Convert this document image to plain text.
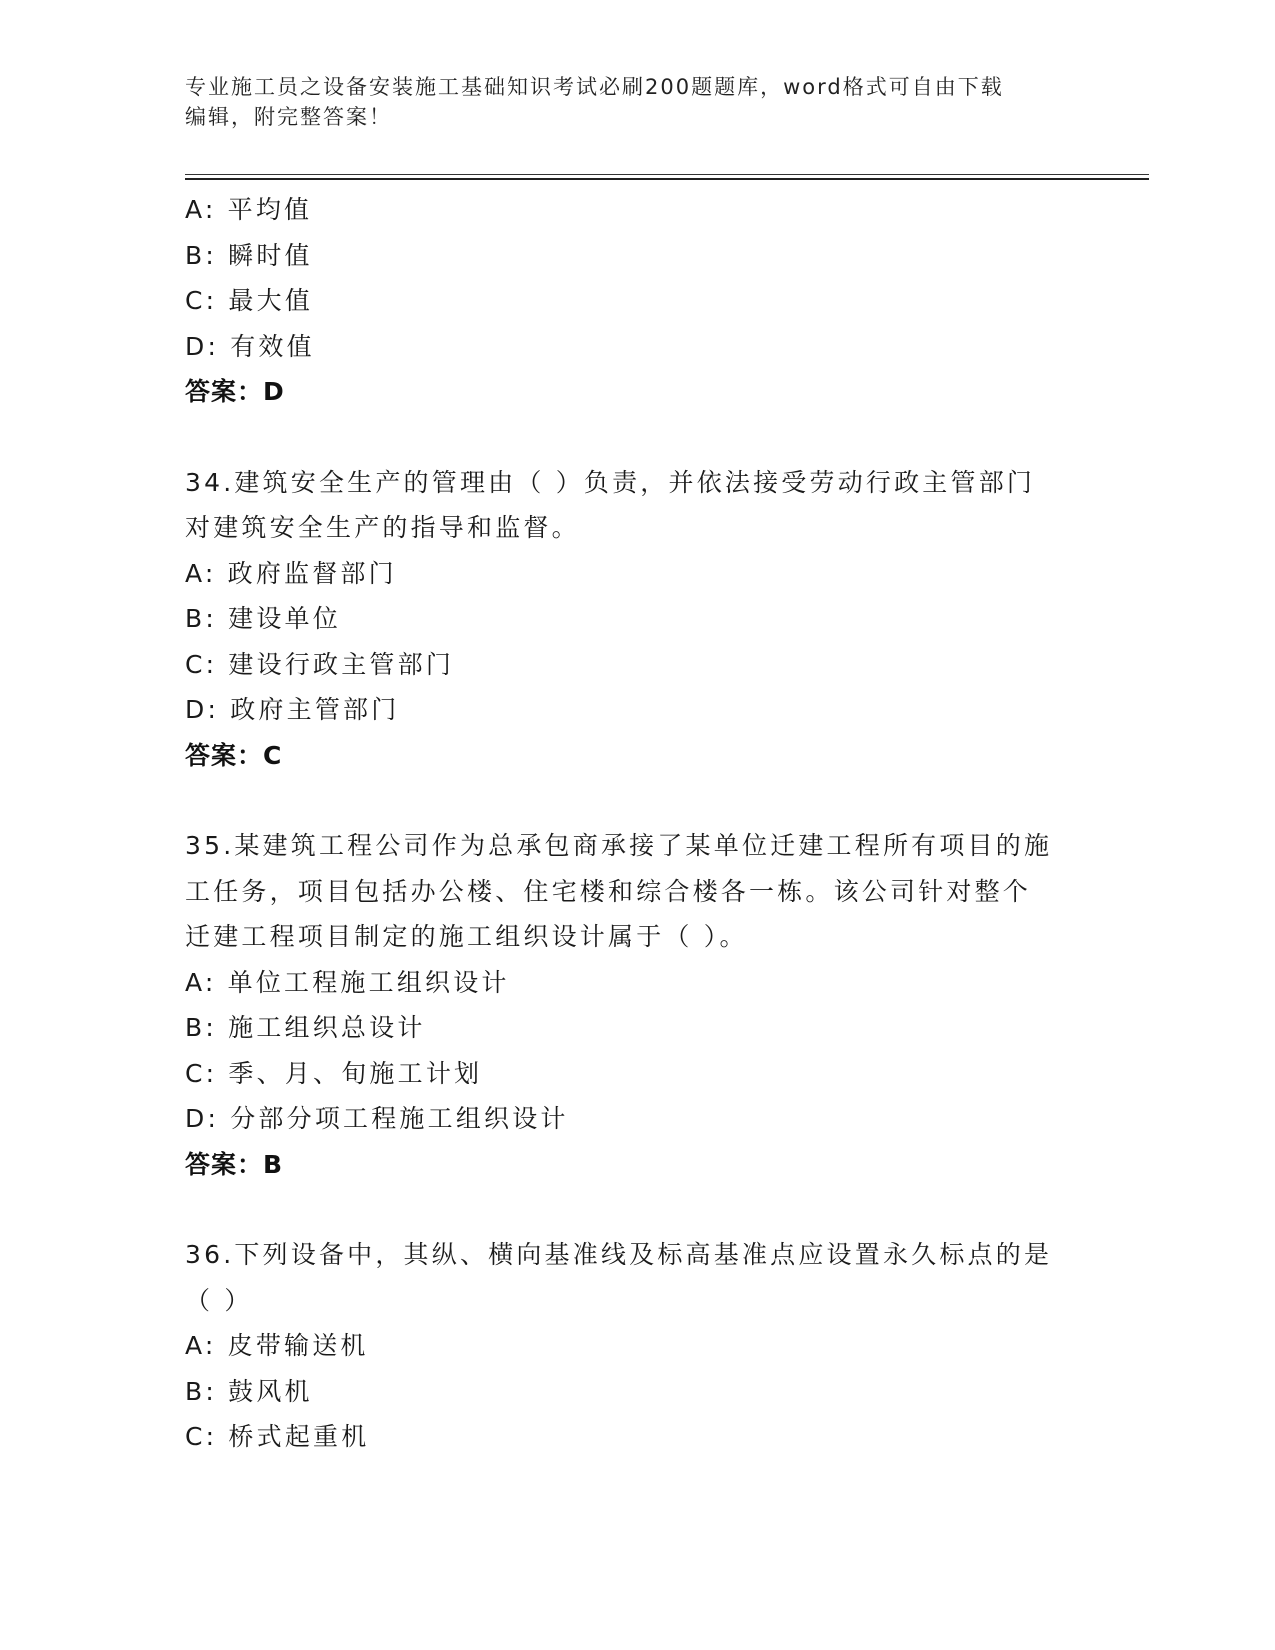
专业施工员之设备安装施工基础知识考试必刷200题题库，word格式可自由下载
编辑，附完整答案！
A: 平均值
B: 瞬时值
C: 最大值
D: 有效值
答案：D
34.建筑安全生产的管理由（ ）负责，并依法接受劳动行政主管部门
对建筑安全生产的指导和监督。
A: 政府监督部门
B: 建设单位
C: 建设行政主管部门
D: 政府主管部门
答案：C
35.某建筑工程公司作为总承包商承接了某单位迁建工程所有项目的施
工任务，项目包括办公楼、住宅楼和综合楼各一栋。该公司针对整个
迁建工程项目制定的施工组织设计属于（ ）。
A: 单位工程施工组织设计
B: 施工组织总设计
C: 季、月、旬施工计划
D: 分部分项工程施工组织设计
答案：B
36.下列设备中，其纵、横向基准线及标高基准点应设置永久标点的是
（ ）
A: 皮带输送机
B: 鼓风机
C: 桥式起重机
